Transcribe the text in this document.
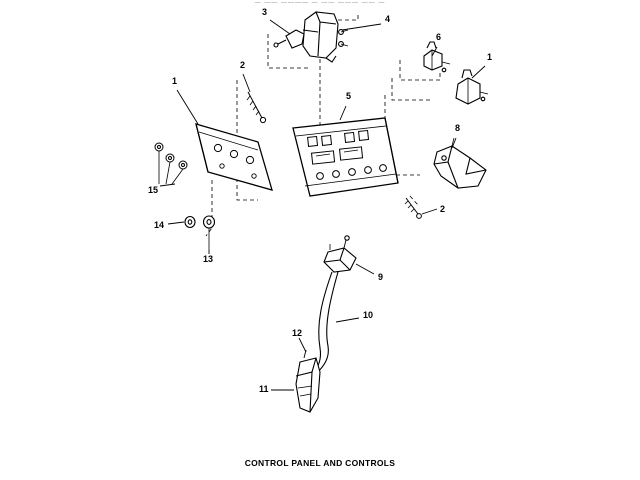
— —— ———— — —— ——— —— —
3
4
6
1
2
1
5
8
15
2
14
13
9
10
12
11
CONTROL PANEL AND CONTROLS
